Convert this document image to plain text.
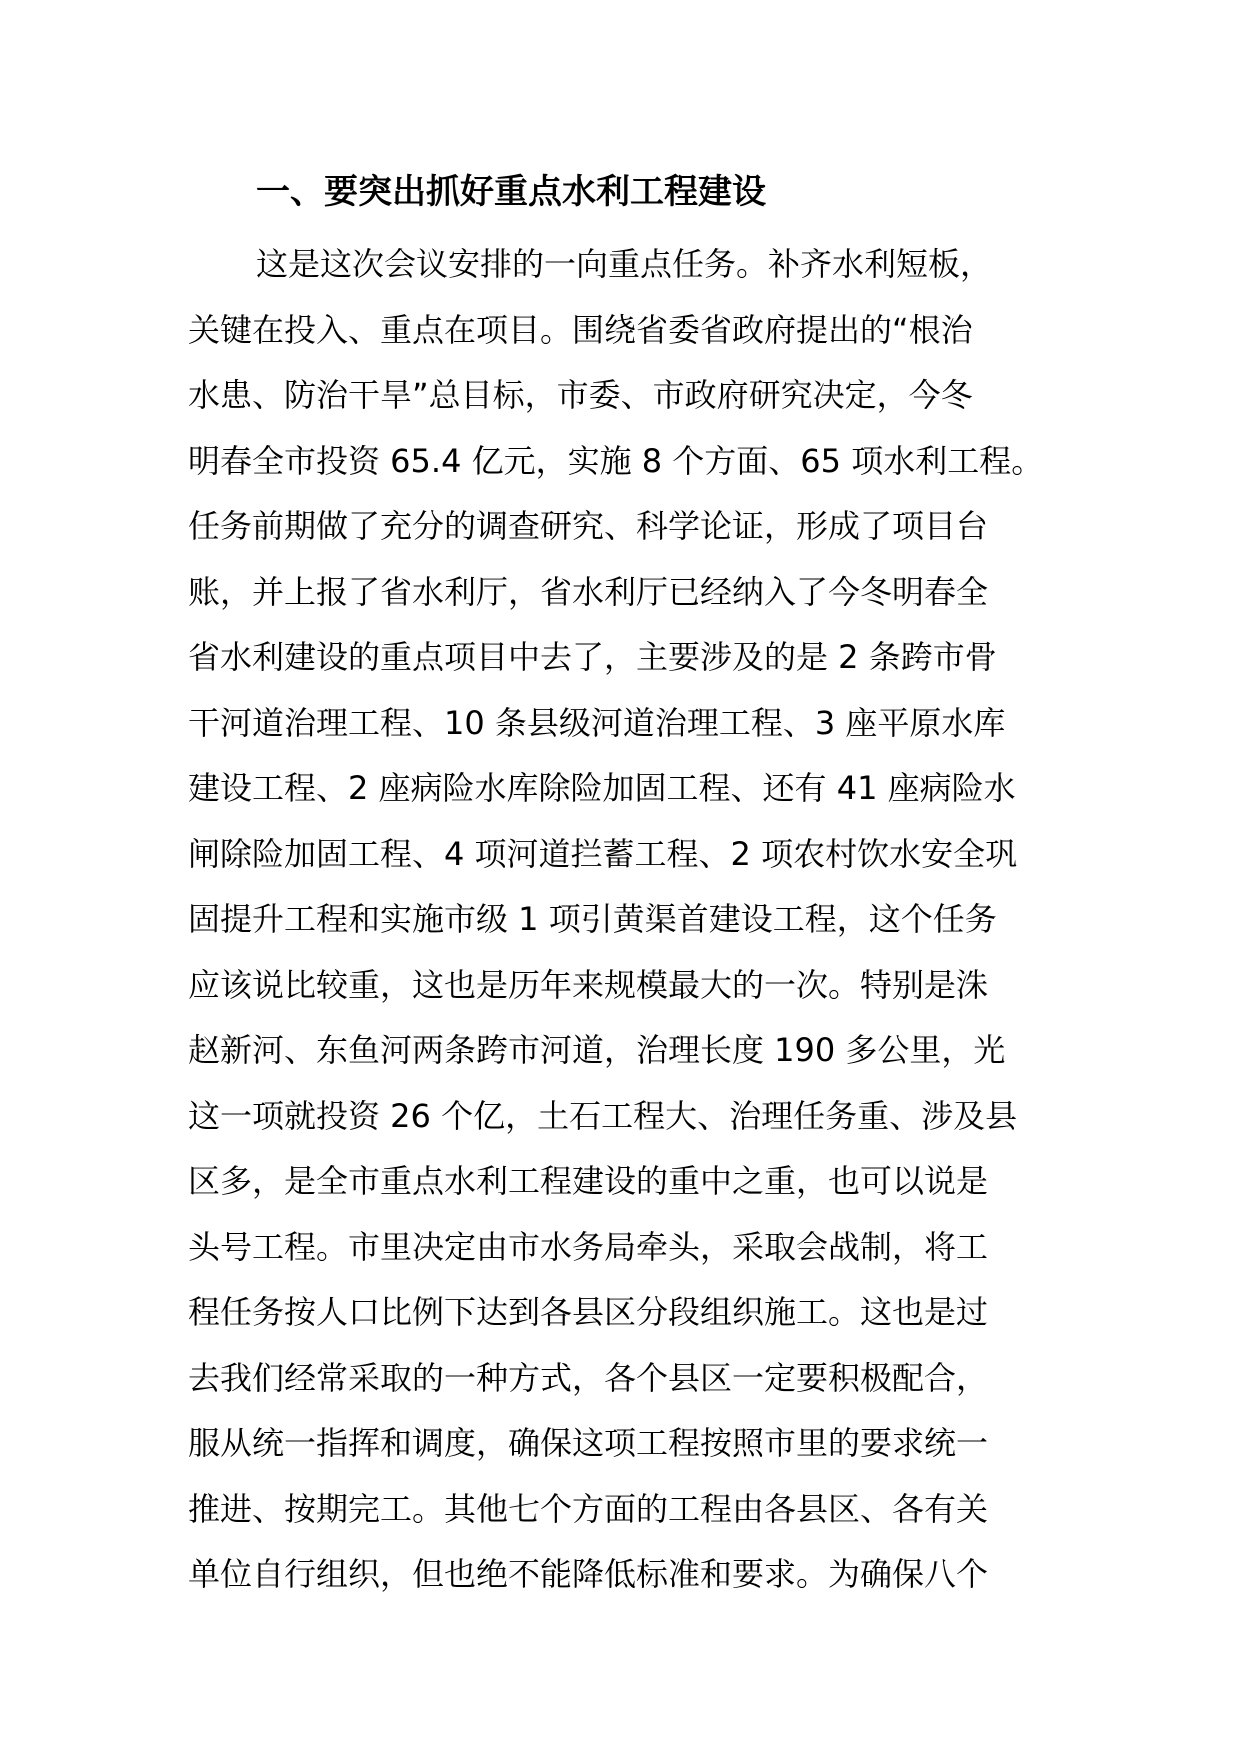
一、要突出抓好重点水利工程建设
这是这次会议安排的一向重点任务。补齐水利短板，
关键在投入、重点在项目。围绕省委省政府提出的“根治
水患、防治干旱”总目标，市委、市政府研究决定，今冬
明春全市投资 65.4 亿元，实施 8 个方面、65 项水利工程。
任务前期做了充分的调查研究、科学论证，形成了项目台
账，并上报了省水利厅，省水利厅已经纳入了今冬明春全
省水利建设的重点项目中去了，主要涉及的是 2 条跨市骨
干河道治理工程、10 条县级河道治理工程、3 座平原水库
建设工程、2 座病险水库除险加固工程、还有 41 座病险水
闸除险加固工程、4 项河道拦蓄工程、2 项农村饮水安全巩
固提升工程和实施市级 1 项引黄渠首建设工程，这个任务
应该说比较重，这也是历年来规模最大的一次。特别是洙
赵新河、东鱼河两条跨市河道，治理长度 190 多公里，光
这一项就投资 26 个亿，土石工程大、治理任务重、涉及县
区多，是全市重点水利工程建设的重中之重，也可以说是
头号工程。市里决定由市水务局牵头，采取会战制，将工
程任务按人口比例下达到各县区分段组织施工。这也是过
去我们经常采取的一种方式，各个县区一定要积极配合，
服从统一指挥和调度，确保这项工程按照市里的要求统一
推进、按期完工。其他七个方面的工程由各县区、各有关
单位自行组织，但也绝不能降低标准和要求。为确保八个
